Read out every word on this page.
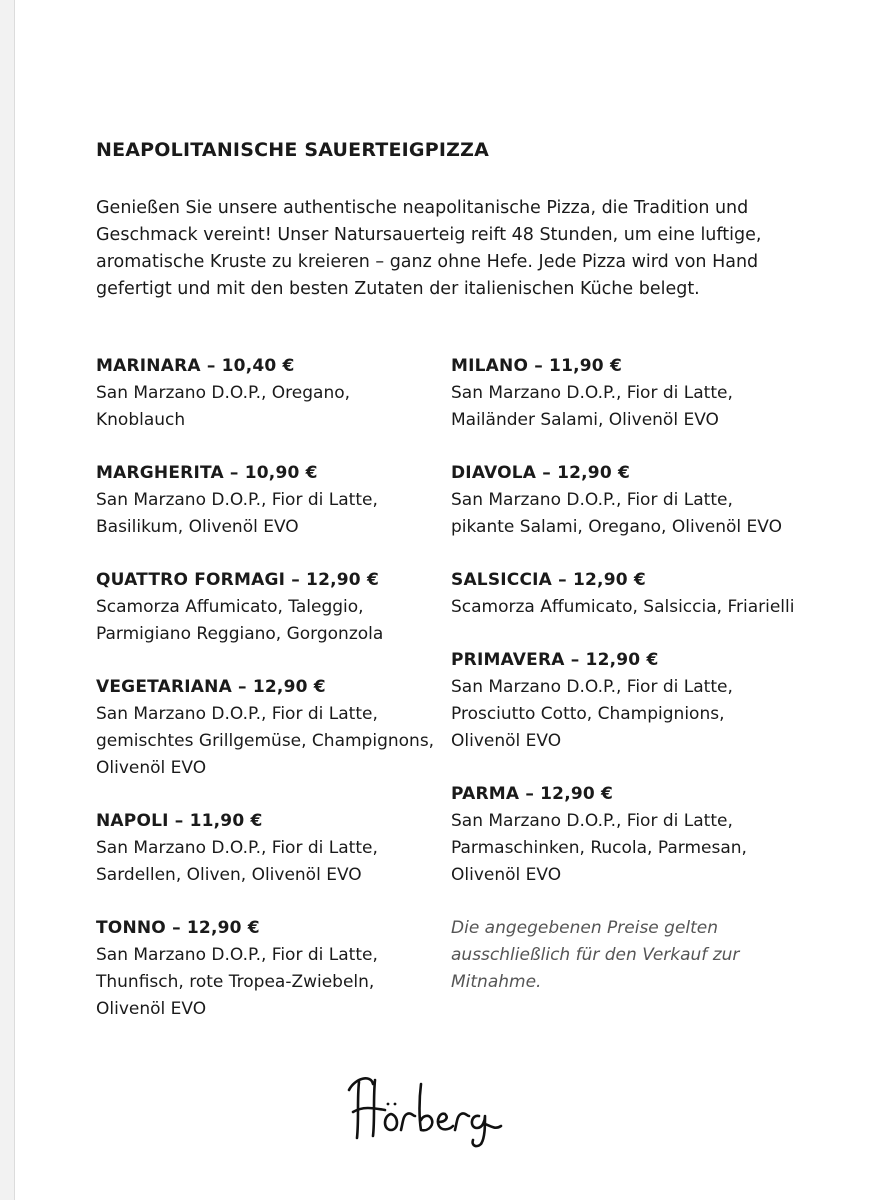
NEAPOLITANISCHE SAUERTEIGPIZZA

Genießen Sie unsere authentische neapolitanische Pizza, die Tradition und Geschmack vereint! Unser Natursauerteig reift 48 Stunden, um eine luftige, aromatische Kruste zu kreieren – ganz ohne Hefe. Jede Pizza wird von Hand gefertigt und mit den besten Zutaten der italienischen Küche belegt.

MARINARA – 10,40 €
San Marzano D.O.P., Oregano, Knoblauch
MARGHERITA – 10,90 €
San Marzano D.O.P., Fior di Latte, Basilikum, Olivenöl EVO
QUATTRO FORMAGI – 12,90 €
Scamorza Affumicato, Taleggio, Parmigiano Reggiano, Gorgonzola
VEGETARIANA – 12,90 €
San Marzano D.O.P., Fior di Latte, gemischtes Grillgemüse, Champignons, Olivenöl EVO
NAPOLI – 11,90 €
San Marzano D.O.P., Fior di Latte, Sardellen, Oliven, Olivenöl EVO
TONNO – 12,90 €
San Marzano D.O.P., Fior di Latte, Thunfisch, rote Tropea-Zwiebeln, Olivenöl EVO
MILANO – 11,90 €
San Marzano D.O.P., Fior di Latte, Mailänder Salami, Olivenöl EVO
DIAVOLA – 12,90 €
San Marzano D.O.P., Fior di Latte, pikante Salami, Oregano, Olivenöl EVO
SALSICCIA – 12,90 €
Scamorza Affumicato, Salsiccia, Friarielli
PRIMAVERA – 12,90 €
San Marzano D.O.P., Fior di Latte, Prosciutto Cotto, Champignions, Olivenöl EVO
PARMA – 12,90 €
San Marzano D.O.P., Fior di Latte, Parmaschinken, Rucola, Parmesan, Olivenöl EVO

Die angegebenen Preise gelten ausschließlich für den Verkauf zur Mitnahme.
